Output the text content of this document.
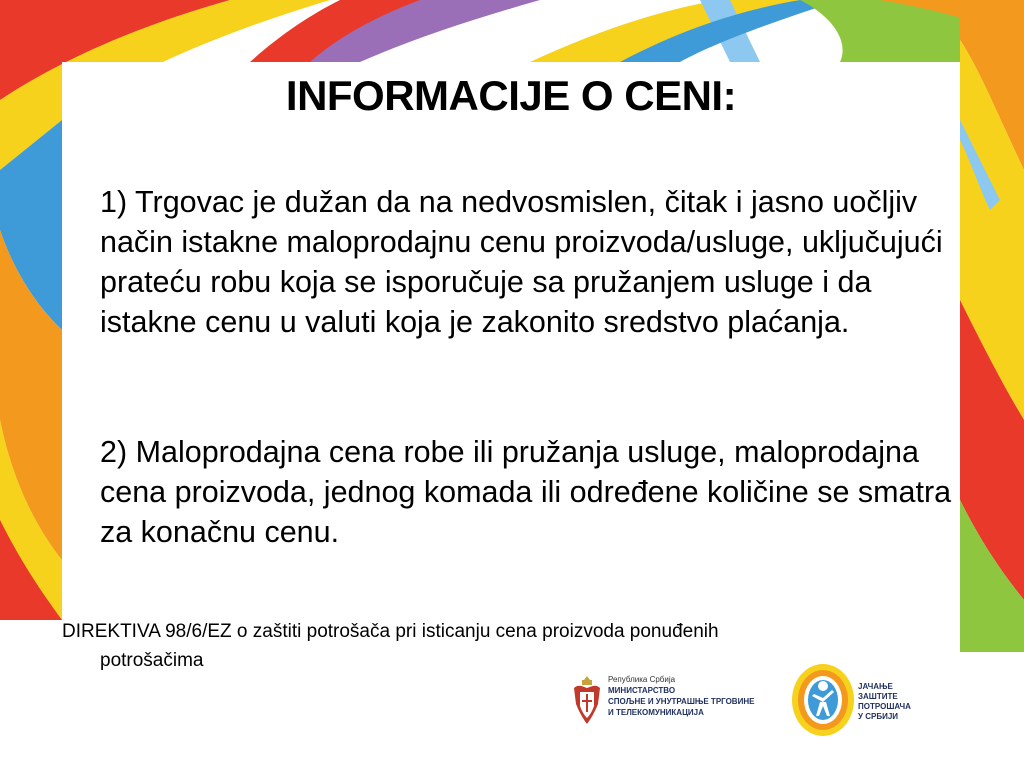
INFORMACIJE O CENI:
1) Trgovac je dužan da na nedvosmislen, čitak i jasno uočljiv način istakne maloprodajnu cenu proizvoda/usluge, uključujući prateću robu koja se isporučuje sa pružanjem usluge i da istakne cenu u valuti koja je zakonito sredstvo plaćanja.
2) Maloprodajna cena robe ili pružanja usluge, maloprodajna cena proizvoda, jednog komada ili određene količine se smatra za konačnu cenu.
DIREKTIVA 98/6/EZ o zaštiti potrošača pri isticanju cena proizvoda ponuđenih
potrošačima
Република Србија
МИНИСТАРСТВО
СПОЉНЕ И УНУТРАШЊЕ ТРГОВИНЕ
И ТЕЛЕКОМУНИКАЦИЈА
ЈАЧАЊЕ
ЗАШТИТЕ
ПОТРОШАЧА
У СРБИЈИ
